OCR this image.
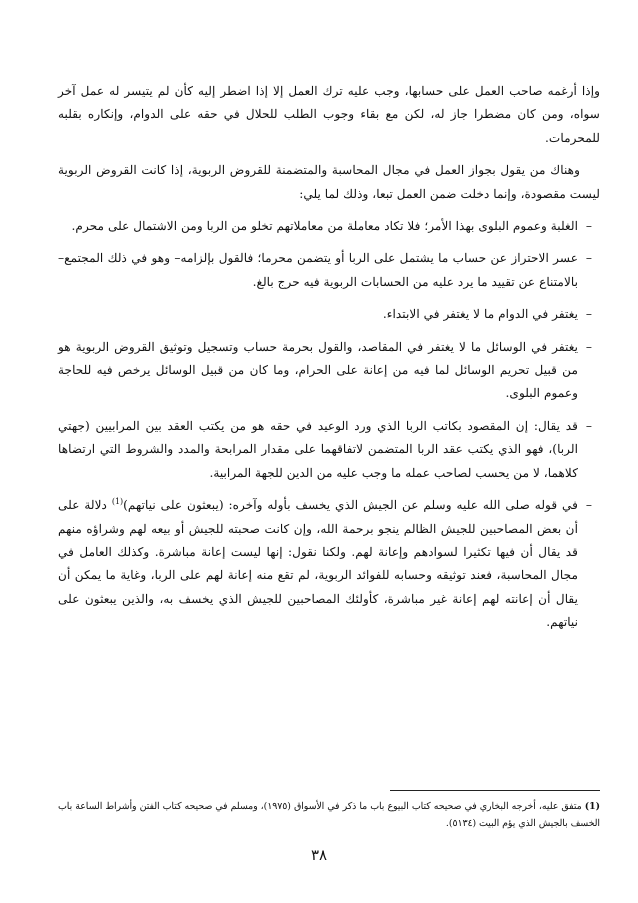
وإذا أرغمه صاحب العمل على حسابها، وجب عليه ترك العمل إلا إذا اضطر إليه كأن لم يتيسر له عمل آخر سواه، ومن كان مضطرا جاز له، لكن مع بقاء وجوب الطلب للحلال في حقه على الدوام، وإنكاره بقلبه للمحرمات.

وهناك من يقول بجواز العمل في مجال المحاسبة والمتضمنة للقروض الربوية، إذا كانت القروض الربوية ليست مقصودة، وإنما دخلت ضمن العمل تبعا، وذلك لما يلي:

–

الغلبة وعموم البلوى بهذا الأمر؛ فلا تكاد معاملة من معاملاتهم تخلو من الربا ومن الاشتمال على محرم.

–

عسر الاحتراز عن حساب ما يشتمل على الربا أو يتضمن محرما؛ فالقول بإلزامه– وهو في ذلك المجتمع– بالامتناع عن تقييد ما يرد عليه من الحسابات الربوية فيه حرج بالغ.

–

يغتفر في الدوام ما لا يغتفر في الابتداء.

–

يغتفر في الوسائل ما لا يغتفر في المقاصد، والقول بحرمة حساب وتسجيل وتوثيق القروض الربوية هو من قبيل تحريم الوسائل لما فيه من إعانة على الحرام، وما كان من قبيل الوسائل يرخص فيه للحاجة وعموم البلوى.

–

قد يقال: إن المقصود بكاتب الربا الذي ورد الوعيد في حقه هو من يكتب العقد بين المرابيين (جهتي الربا)، فهو الذي يكتب عقد الربا المتضمن لاتفاقهما على مقدار المرابحة والمدد والشروط التي ارتضاها كلاهما، لا من يحسب لصاحب عمله ما وجب عليه من الدين للجهة المرابية.

–

في قوله صلى الله عليه وسلم عن الجيش الذي يخسف بأوله وآخره: (يبعثون على نياتهم)$^{(1)}$ دلالة على أن بعض المصاحبين للجيش الظالم ينجو برحمة الله، وإن كانت صحبته للجيش أو بيعه لهم وشراؤه منهم قد يقال أن فيها تكثيرا لسوادهم وإعانة لهم. ولكنا نقول: إنها ليست إعانة مباشرة. وكذلك العامل في مجال المحاسبة، فعند توثيقه وحسابه للفوائد الربوية، لم تقع منه إعانة لهم على الربا، وغاية ما يمكن أن يقال أن إعانته لهم إعانة غير مباشرة، كأولئك المصاحبين للجيش الذي يخسف به، والذين يبعثون على نياتهم.

(1) متفق عليه، أخرجه البخاري في صحيحه كتاب البيوع باب ما ذكر في الأسواق (١٩٧٥)، ومسلم في صحيحه كتاب الفتن وأشراط الساعة باب الخسف بالجيش الذي يؤم البيت (٥١٣٤).

٣٨
